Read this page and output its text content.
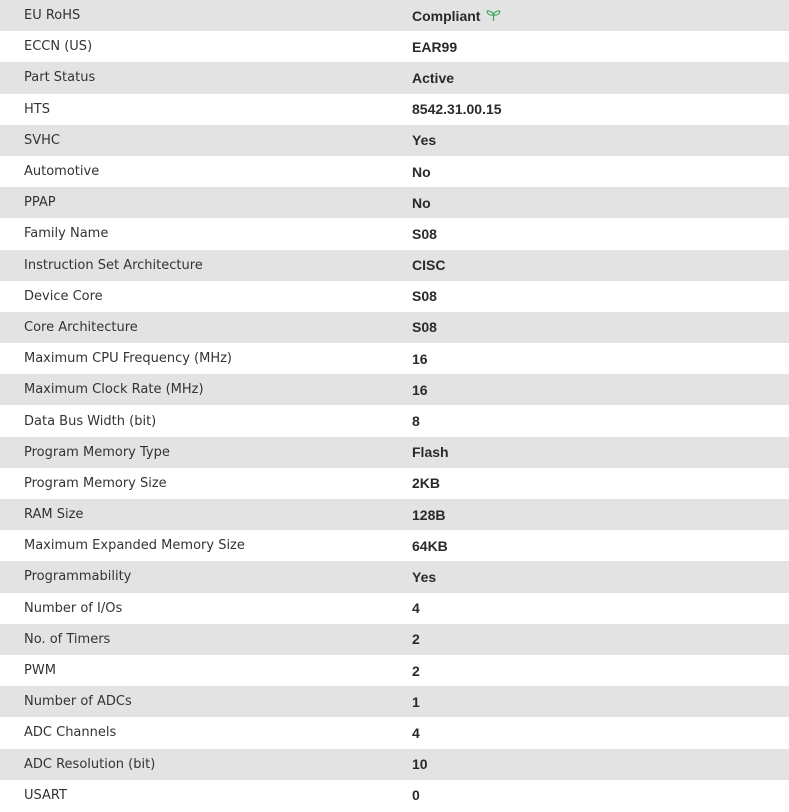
EU RoHS	Compliant
ECCN (US)	EAR99
Part Status	Active
HTS	8542.31.00.15
SVHC	Yes
Automotive	No
PPAP	No
Family Name	S08
Instruction Set Architecture	CISC
Device Core	S08
Core Architecture	S08
Maximum CPU Frequency (MHz)	16
Maximum Clock Rate (MHz)	16
Data Bus Width (bit)	8
Program Memory Type	Flash
Program Memory Size	2KB
RAM Size	128B
Maximum Expanded Memory Size	64KB
Programmability	Yes
Number of I/Os	4
No. of Timers	2
PWM	2
Number of ADCs	1
ADC Channels	4
ADC Resolution (bit)	10
USART	0
